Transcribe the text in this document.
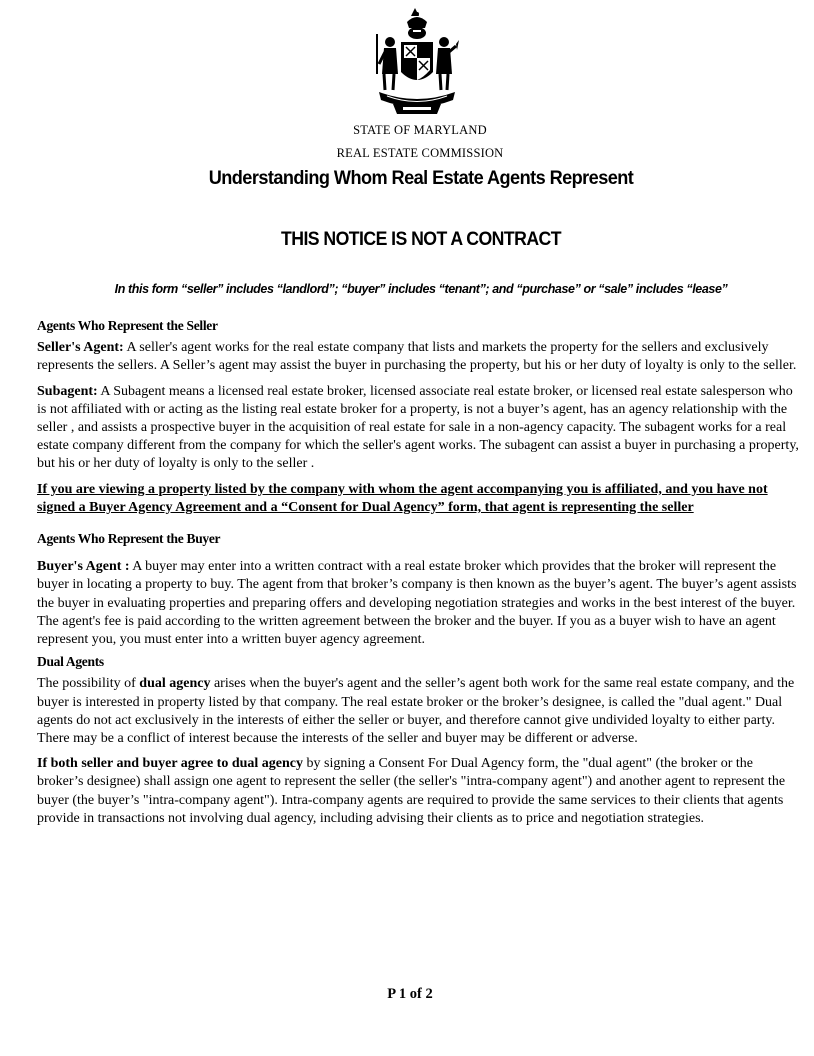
STATE OF MARYLAND
REAL ESTATE COMMISSION
Understanding Whom Real Estate Agents Represent
THIS NOTICE IS NOT A CONTRACT
In this form “seller” includes “landlord”; “buyer” includes “tenant”; and “purchase” or “sale” includes “lease”

Agents Who Represent the Seller

Seller's Agent: A seller's agent works for the real estate company that lists and markets the property for the sellers and exclusively represents the sellers. A Seller’s agent may assist the buyer in purchasing the property, but his or her duty of loyalty is only to the seller.

Subagent: A Subagent means a licensed real estate broker, licensed associate real estate broker, or licensed real estate salesperson who is not affiliated with or acting as the listing real estate broker for a property, is not a buyer’s agent, has an agency relationship with the seller , and assists a prospective buyer in the acquisition of real estate for sale in a non-agency capacity. The subagent works for a real estate company different from the company for which the seller's agent works. The subagent can assist a buyer in purchasing a property, but his or her duty of loyalty is only to the seller .

If you are viewing a property listed by the company with whom the agent accompanying you is affiliated, and you have not signed a Buyer Agency Agreement and a “Consent for Dual Agency” form, that agent is representing the seller

Agents Who Represent the Buyer

Buyer's Agent : A buyer may enter into a written contract with a real estate broker which provides that the broker will represent the buyer in locating a property to buy. The agent from that broker’s company is then known as the buyer’s agent. The buyer’s agent assists the buyer in evaluating properties and preparing offers and developing negotiation strategies and works in the best interest of the buyer. The agent's fee is paid according to the written agreement between the broker and the buyer. If you as a buyer wish to have an agent represent you, you must enter into a written buyer agency agreement.

Dual Agents

The possibility of dual agency arises when the buyer's agent and the seller’s agent both work for the same real estate company, and the buyer is interested in property listed by that company. The real estate broker or the broker’s designee, is called the "dual agent." Dual agents do not act exclusively in the interests of either the seller or buyer, and therefore cannot give undivided loyalty to either party. There may be a conflict of interest because the interests of the seller and buyer may be different or adverse.

If both seller and buyer agree to dual agency by signing a Consent For Dual Agency form, the "dual agent" (the broker or the broker’s designee) shall assign one agent to represent the seller (the seller's "intra-company agent") and another agent to represent the buyer (the buyer’s "intra-company agent"). Intra-company agents are required to provide the same services to their clients that agents provide in transactions not involving dual agency, including advising their clients as to price and negotiation strategies.

P 1 of 2
